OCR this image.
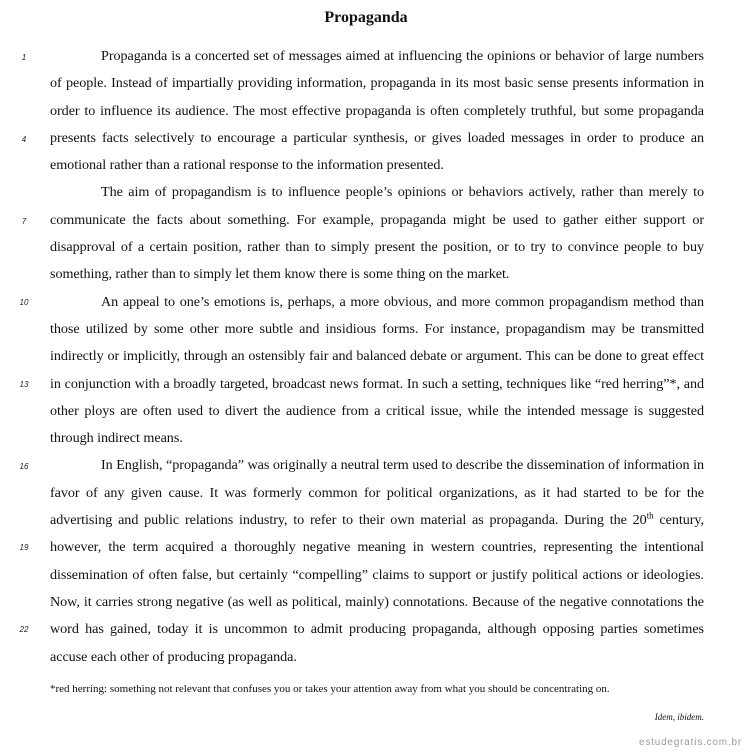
Propaganda
1
4
7
10
13
16
19
22

Propaganda is a concerted set of messages aimed at influencing the opinions or behavior of large numbers of people. Instead of impartially providing information, propaganda in its most basic sense presents information in order to influence its audience. The most effective propaganda is often completely truthful, but some propaganda presents facts selectively to encourage a particular synthesis, or gives loaded messages in order to produce an emotional rather than a rational response to the information presented.

The aim of propagandism is to influence people’s opinions or behaviors actively, rather than merely to communicate the facts about something. For example, propaganda might be used to gather either support or disapproval of a certain position, rather than to simply present the position, or to try to convince people to buy something, rather than to simply let them know there is some thing on the market.

An appeal to one’s emotions is, perhaps, a more obvious, and more common propagandism method than those utilized by some other more subtle and insidious forms. For instance, propagandism may be transmitted indirectly or implicitly, through an ostensibly fair and balanced debate or argument. This can be done to great effect in conjunction with a broadly targeted, broadcast news format. In such a setting, techniques like “red herring”*, and other ploys are often used to divert the audience from a critical issue, while the intended message is suggested through indirect means.

In English, “propaganda” was originally a neutral term used to describe the dissemination of information in favor of any given cause. It was formerly common for political organizations, as it had started to be for the advertising and public relations industry, to refer to their own material as propaganda. During the 20th century, however, the term acquired a thoroughly negative meaning in western countries, representing the intentional dissemination of often false, but certainly “compelling” claims to support or justify political actions or ideologies. Now, it carries strong negative (as well as political, mainly) connotations. Because of the negative connotations the word has gained, today it is uncommon to admit producing propaganda, although opposing parties sometimes accuse each other of producing propaganda.

*red herring: something not relevant that confuses you or takes your attention away from what you should be concentrating on.
Idem, ibidem.
estudegratis.com.br
